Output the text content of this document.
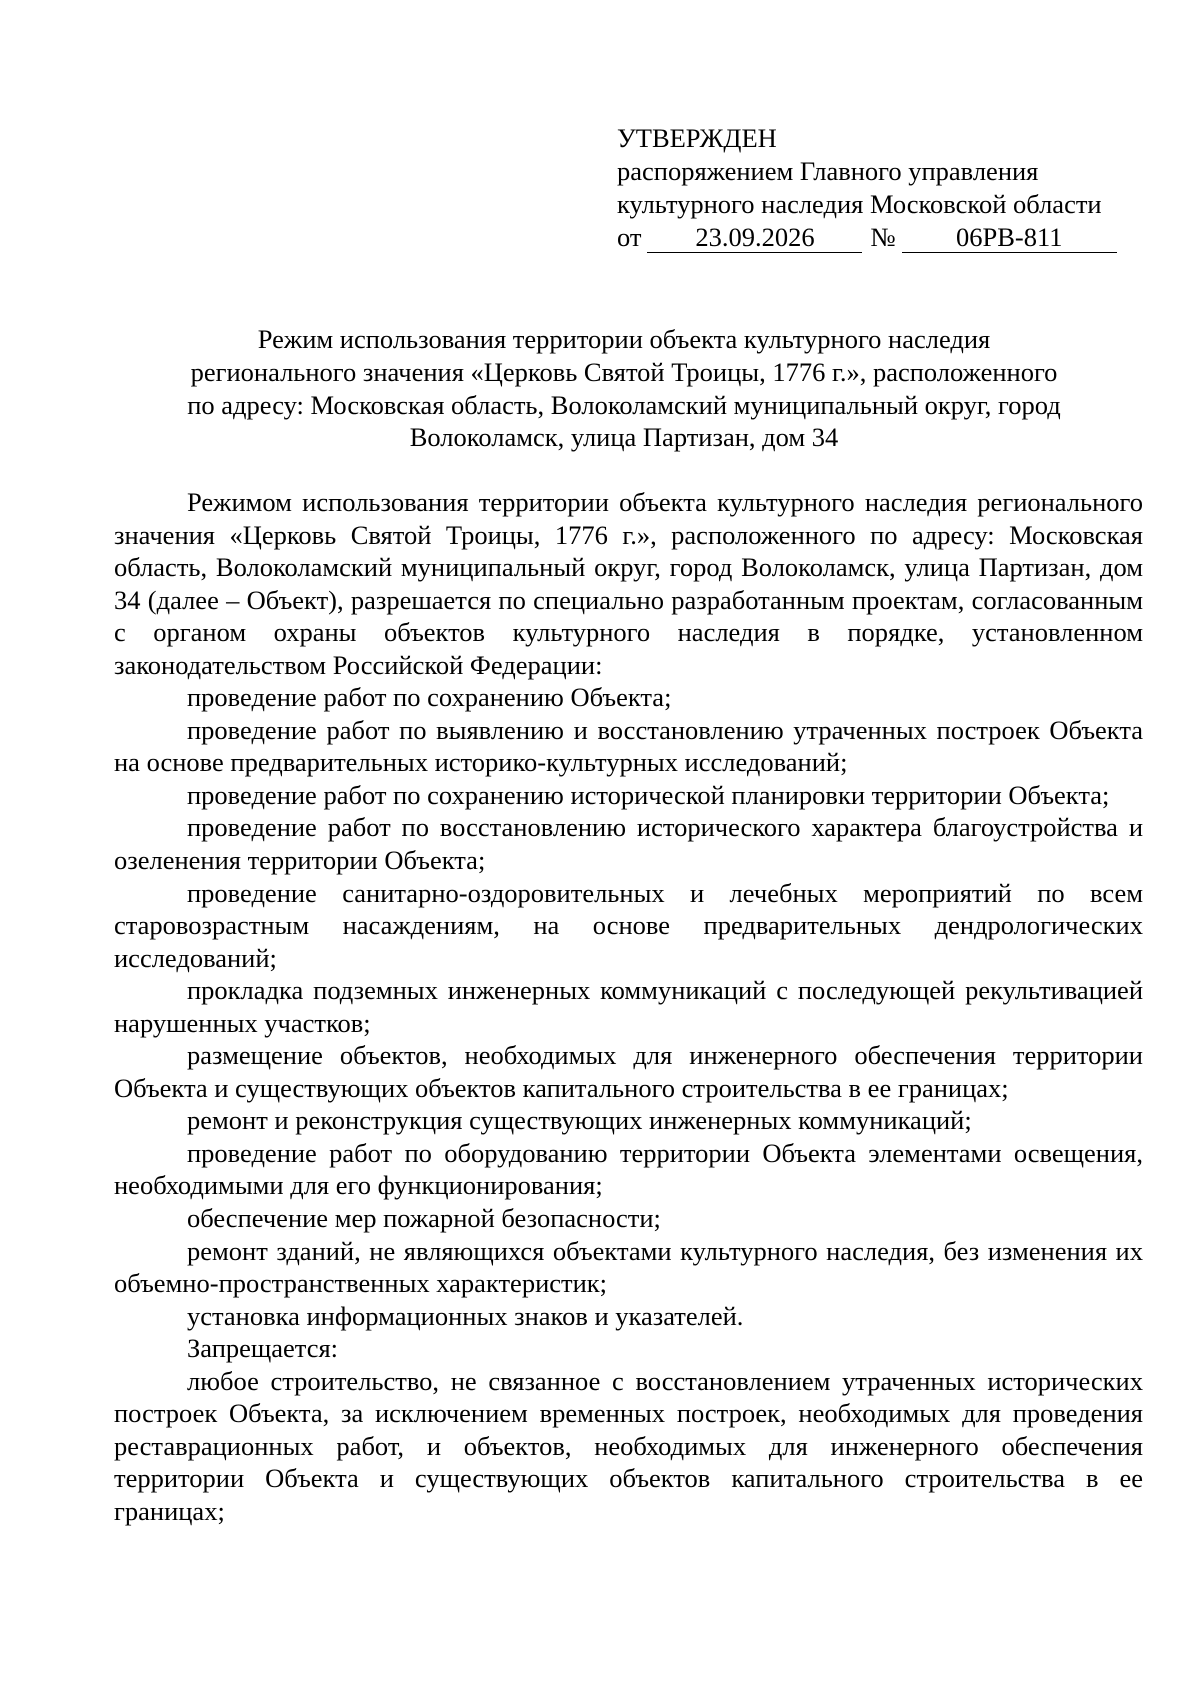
УТВЕРЖДЕН
распоряжением Главного управления
культурного наследия Московской области
от 23.09.2026 № 06РВ-811
Режим использования территории объекта культурного наследия
регионального значения «Церковь Святой Троицы, 1776 г.», расположенного
по адресу: Московская область, Волоколамский муниципальный округ, город
Волоколамск, улица Партизан, дом 34

Режимом использования территории объекта культурного наследия регионального значения «Церковь Святой Троицы, 1776 г.», расположенного по адресу: Московская область, Волоколамский муниципальный округ, город Волоколамск, улица Партизан, дом 34 (далее – Объект), разрешается по специально разработанным проектам, согласованным с органом охраны объектов культурного наследия в порядке, установленном законодательством Российской Федерации:

проведение работ по сохранению Объекта;

проведение работ по выявлению и восстановлению утраченных построек Объекта на основе предварительных историко-культурных исследований;

проведение работ по сохранению исторической планировки территории Объекта;

проведение работ по восстановлению исторического характера благоустройства и озеленения территории Объекта;

проведение санитарно-оздоровительных и лечебных мероприятий по всем старовозрастным насаждениям, на основе предварительных дендрологических исследований;

прокладка подземных инженерных коммуникаций с последующей рекультивацией нарушенных участков;

размещение объектов, необходимых для инженерного обеспечения территории Объекта и существующих объектов капитального строительства в ее границах;

ремонт и реконструкция существующих инженерных коммуникаций;

проведение работ по оборудованию территории Объекта элементами освещения, необходимыми для его функционирования;

обеспечение мер пожарной безопасности;

ремонт зданий, не являющихся объектами культурного наследия, без изменения их объемно-пространственных характеристик;

установка информационных знаков и указателей.

Запрещается:

любое строительство, не связанное с восстановлением утраченных исторических построек Объекта, за исключением временных построек, необходимых для проведения реставрационных работ, и объектов, необходимых для инженерного обеспечения территории Объекта и существующих объектов капитального строительства в ее границах;
